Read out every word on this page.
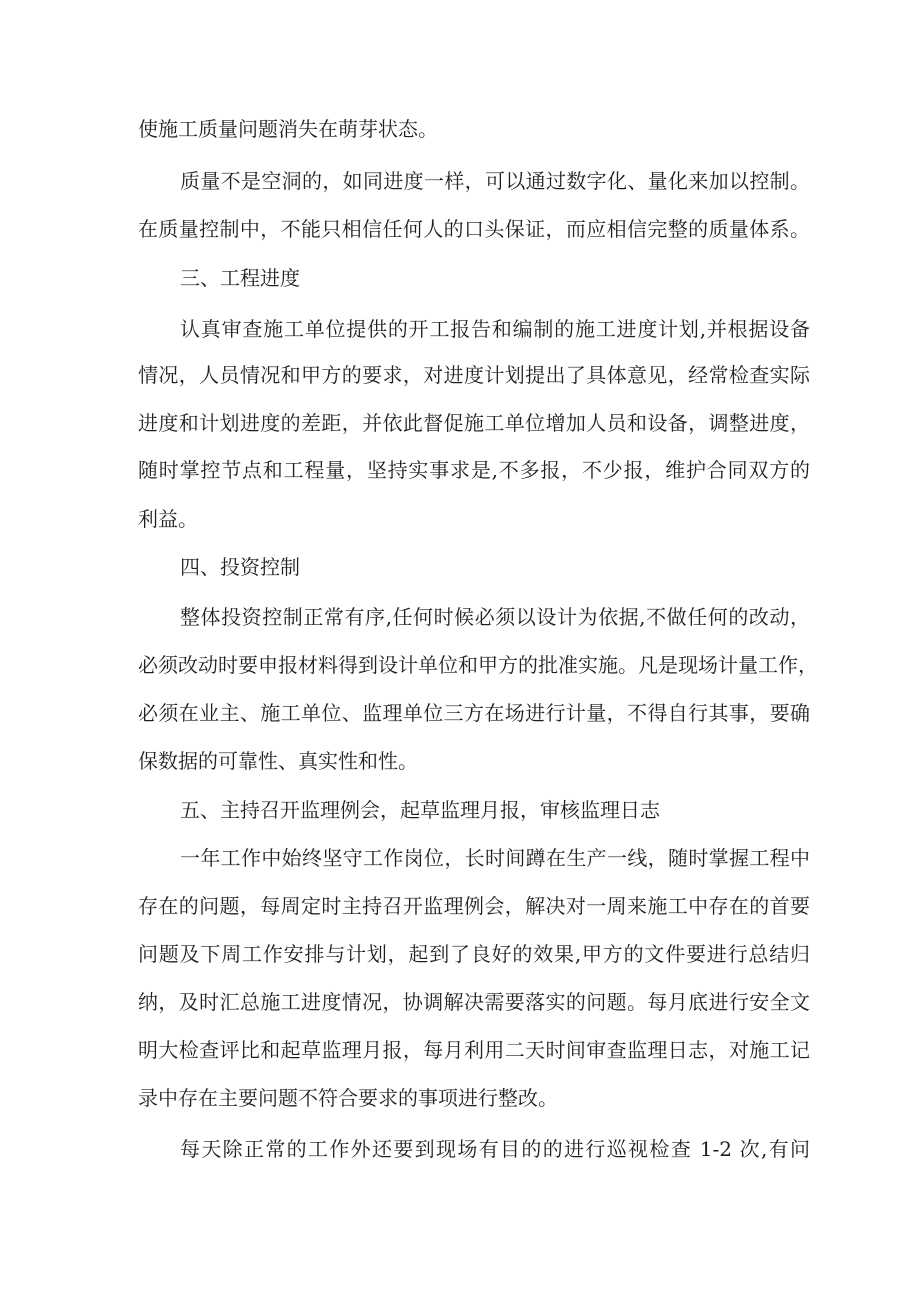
使施工质量问题消失在萌芽状态。
质量不是空洞的，如同进度一样，可以通过数字化、量化来加以控制。
在质量控制中，不能只相信任何人的口头保证，而应相信完整的质量体系。
三、工程进度
认真审查施工单位提供的开工报告和编制的施工进度计划,并根据设备
情况，人员情况和甲方的要求，对进度计划提出了具体意见，经常检查实际
进度和计划进度的差距，并依此督促施工单位增加人员和设备，调整进度，
随时掌控节点和工程量，坚持实事求是,不多报，不少报，维护合同双方的
利益。
四、投资控制
整体投资控制正常有序,任何时候必须以设计为依据,不做任何的改动，
必须改动时要申报材料得到设计单位和甲方的批准实施。凡是现场计量工作，
必须在业主、施工单位、监理单位三方在场进行计量，不得自行其事，要确
保数据的可靠性、真实性和性。
五、主持召开监理例会，起草监理月报，审核监理日志
一年工作中始终坚守工作岗位，长时间蹲在生产一线，随时掌握工程中
存在的问题，每周定时主持召开监理例会，解决对一周来施工中存在的首要
问题及下周工作安排与计划，起到了良好的效果,甲方的文件要进行总结归
纳，及时汇总施工进度情况，协调解决需要落实的问题。每月底进行安全文
明大检查评比和起草监理月报，每月利用二天时间审查监理日志，对施工记
录中存在主要问题不符合要求的事项进行整改。
每天除正常的工作外还要到现场有目的的进行巡视检查 1-2 次,有问
